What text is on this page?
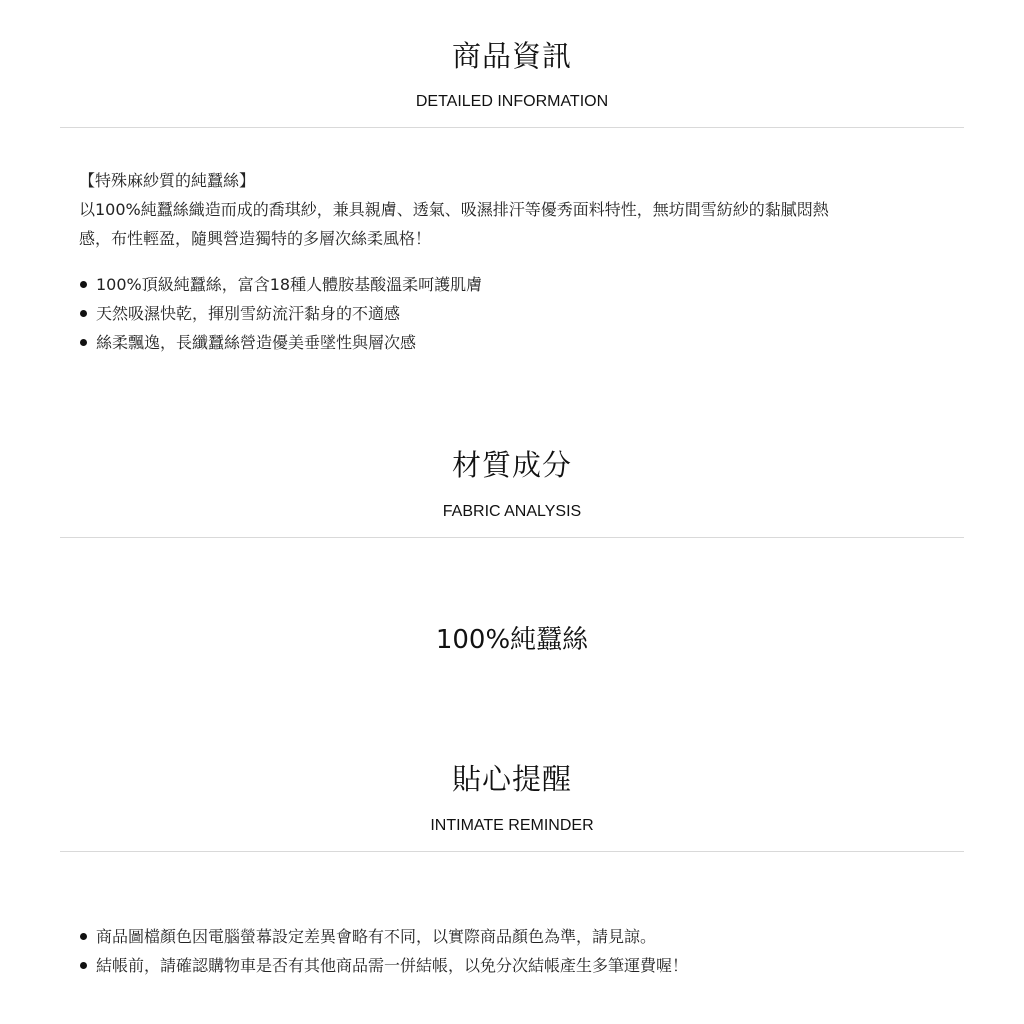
商品資訊
DETAILED INFORMATION
【特殊麻紗質的純蠶絲】
以100%純蠶絲織造而成的喬琪紗，兼具親膚、透氣、吸濕排汗等優秀面料特性，無坊間雪紡紗的黏膩悶熱
感，布性輕盈，隨興營造獨特的多層次絲柔風格！
100%頂級純蠶絲，富含18種人體胺基酸溫柔呵護肌膚
天然吸濕快乾，揮別雪紡流汗黏身的不適感
絲柔飄逸，長纖蠶絲營造優美垂墜性與層次感
材質成分
FABRIC ANALYSIS
100%純蠶絲
貼心提醒
INTIMATE REMINDER
商品圖檔顏色因電腦螢幕設定差異會略有不同，以實際商品顏色為準，請見諒。
結帳前，請確認購物車是否有其他商品需一併結帳，以免分次結帳產生多筆運費喔！
